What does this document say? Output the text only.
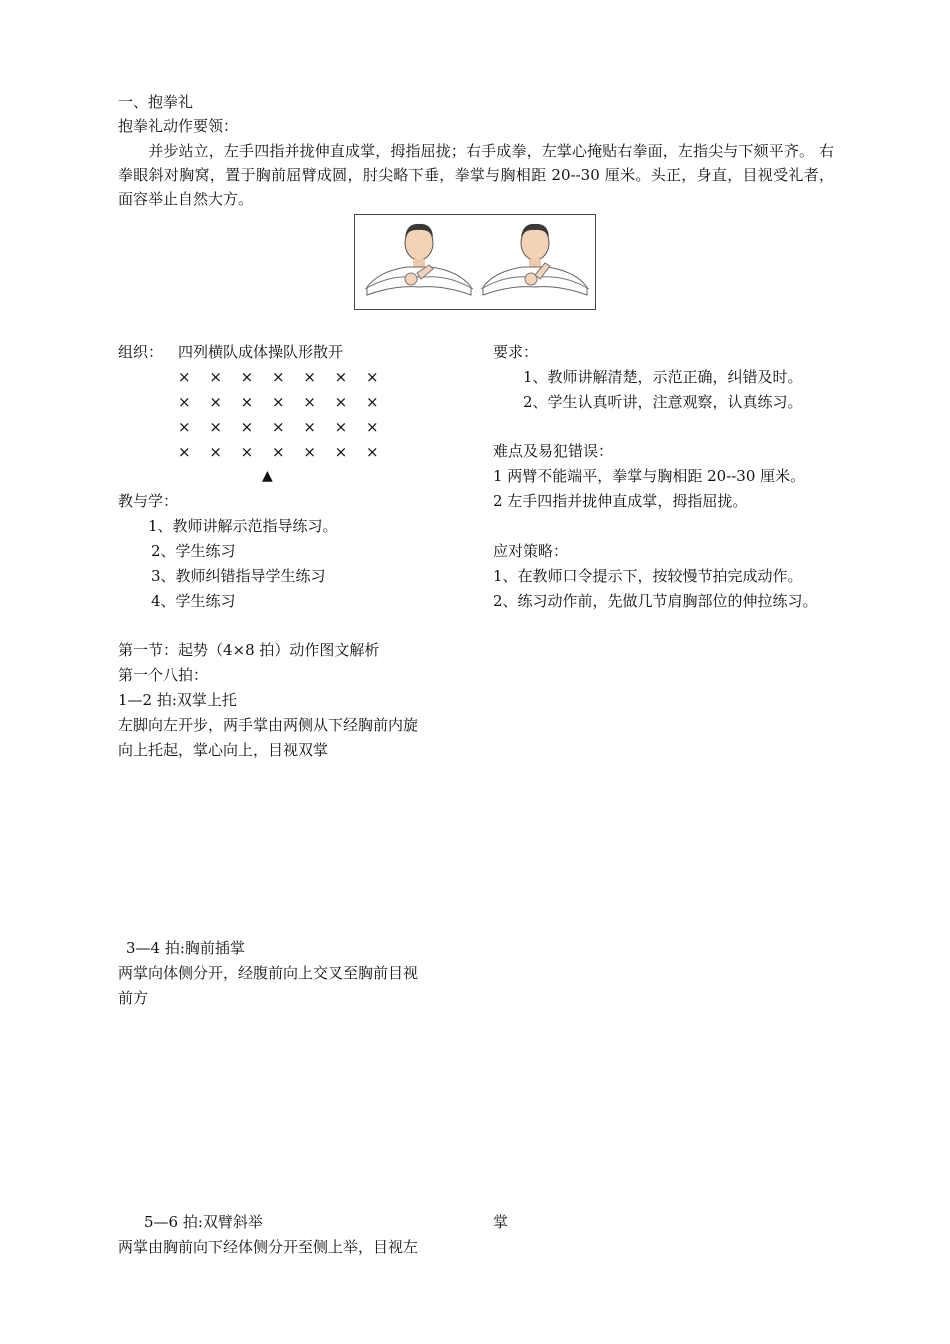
一、抱拳礼
抱拳礼动作要领：
　　并步站立，左手四指并拢伸直成掌，拇指屈拢；右手成拳，左掌心掩贴右拳面，左指尖与下颏平齐。 右拳眼斜对胸窝，置于胸前屈臂成圆，肘尖略下垂，拳掌与胸相距 20--30 厘米。头正，身直，目视受礼者，面容举止自然大方。
组织： 四列横队成体操队形散开
× × × × × × ×
× × × × × × ×
× × × × × × ×
× × × × × × ×
▲
教与学：
1、教师讲解示范指导练习。
2、学生练习
3、教师纠错指导学生练习
4、学生练习
要求：
1、教师讲解清楚，示范正确，纠错及时。
2、学生认真听讲，注意观察，认真练习。
难点及易犯错误：
1 两臂不能端平，拳掌与胸相距 20--30 厘米。
2 左手四指并拢伸直成掌，拇指屈拢。
应对策略：
1、在教师口令提示下，按较慢节拍完成动作。
2、练习动作前，先做几节肩胸部位的伸拉练习。
第一节：起势（4×8 拍）动作图文解析
第一个八拍：
1—2 拍:双掌上托
左脚向左开步，两手掌由两侧从下经胸前内旋
向上托起，掌心向上，目视双掌
3—4 拍:胸前插掌
两掌向体侧分开，经腹前向上交叉至胸前目视
前方
5—6 拍:双臂斜举	掌
两掌由胸前向下经体侧分开至侧上举，目视左
